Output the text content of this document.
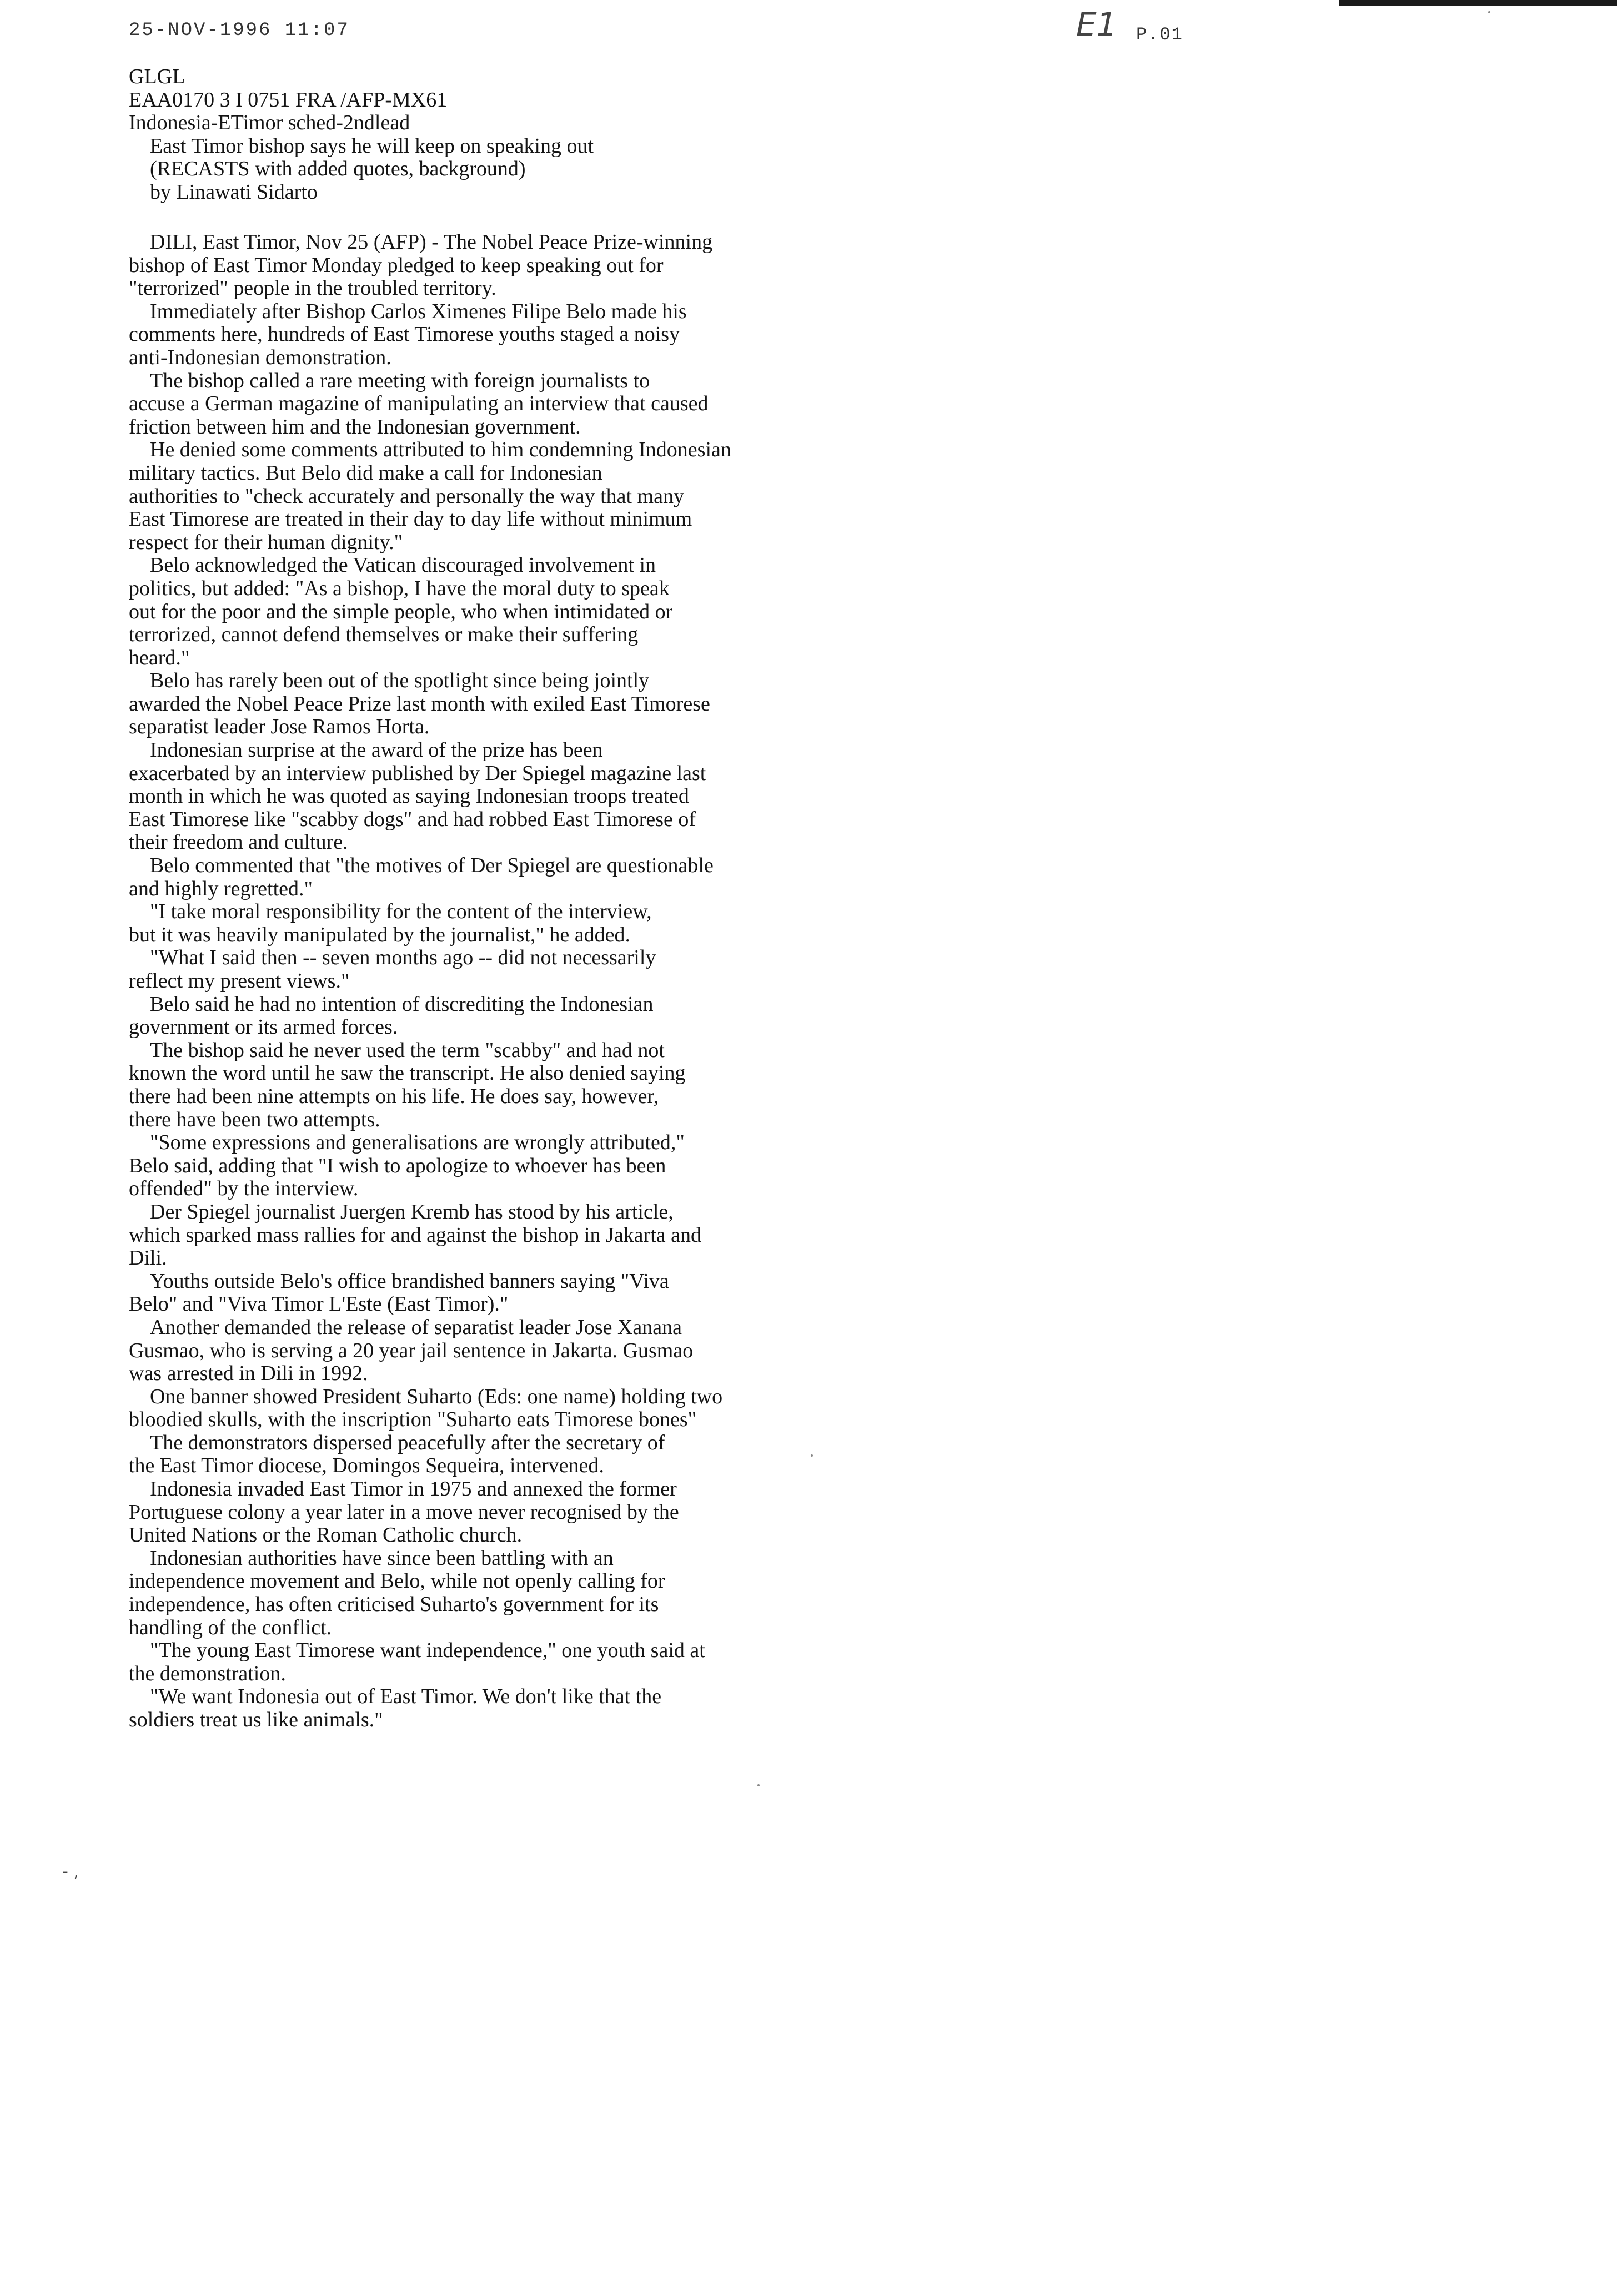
25-NOV-1996 11:07	E1 P.01
GLGL
EAA0170 3 I 0751 FRA /AFP-MX61
Indonesia-ETimor sched-2ndlead
East Timor bishop says he will keep on speaking out
(RECASTS with added quotes, background)
by Linawati Sidarto
DILI, East Timor, Nov 25 (AFP) - The Nobel Peace Prize-winning
bishop of East Timor Monday pledged to keep speaking out for
"terrorized" people in the troubled territory.
Immediately after Bishop Carlos Ximenes Filipe Belo made his
comments here, hundreds of East Timorese youths staged a noisy
anti-Indonesian demonstration.
The bishop called a rare meeting with foreign journalists to
accuse a German magazine of manipulating an interview that caused
friction between him and the Indonesian government.
He denied some comments attributed to him condemning Indonesian
military tactics. But Belo did make a call for Indonesian
authorities to "check accurately and personally the way that many
East Timorese are treated in their day to day life without minimum
respect for their human dignity."
Belo acknowledged the Vatican discouraged involvement in
politics, but added: "As a bishop, I have the moral duty to speak
out for the poor and the simple people, who when intimidated or
terrorized, cannot defend themselves or make their suffering
heard."
Belo has rarely been out of the spotlight since being jointly
awarded the Nobel Peace Prize last month with exiled East Timorese
separatist leader Jose Ramos Horta.
Indonesian surprise at the award of the prize has been
exacerbated by an interview published by Der Spiegel magazine last
month in which he was quoted as saying Indonesian troops treated
East Timorese like "scabby dogs" and had robbed East Timorese of
their freedom and culture.
Belo commented that "the motives of Der Spiegel are questionable
and highly regretted."
"I take moral responsibility for the content of the interview,
but it was heavily manipulated by the journalist," he added.
"What I said then -- seven months ago -- did not necessarily
reflect my present views."
Belo said he had no intention of discrediting the Indonesian
government or its armed forces.
The bishop said he never used the term "scabby" and had not
known the word until he saw the transcript. He also denied saying
there had been nine attempts on his life. He does say, however,
there have been two attempts.
"Some expressions and generalisations are wrongly attributed,"
Belo said, adding that "I wish to apologize to whoever has been
offended" by the interview.
Der Spiegel journalist Juergen Kremb has stood by his article,
which sparked mass rallies for and against the bishop in Jakarta and
Dili.
Youths outside Belo's office brandished banners saying "Viva
Belo" and "Viva Timor L'Este (East Timor)."
Another demanded the release of separatist leader Jose Xanana
Gusmao, who is serving a 20 year jail sentence in Jakarta. Gusmao
was arrested in Dili in 1992.
One banner showed President Suharto (Eds: one name) holding two
bloodied skulls, with the inscription "Suharto eats Timorese bones"
The demonstrators dispersed peacefully after the secretary of
the East Timor diocese, Domingos Sequeira, intervened.
Indonesia invaded East Timor in 1975 and annexed the former
Portuguese colony a year later in a move never recognised by the
United Nations or the Roman Catholic church.
Indonesian authorities have since been battling with an
independence movement and Belo, while not openly calling for
independence, has often criticised Suharto's government for its
handling of the conflict.
"The young East Timorese want independence," one youth said at
the demonstration.
"We want Indonesia out of East Timor. We don't like that the
soldiers treat us like animals."
- ,
